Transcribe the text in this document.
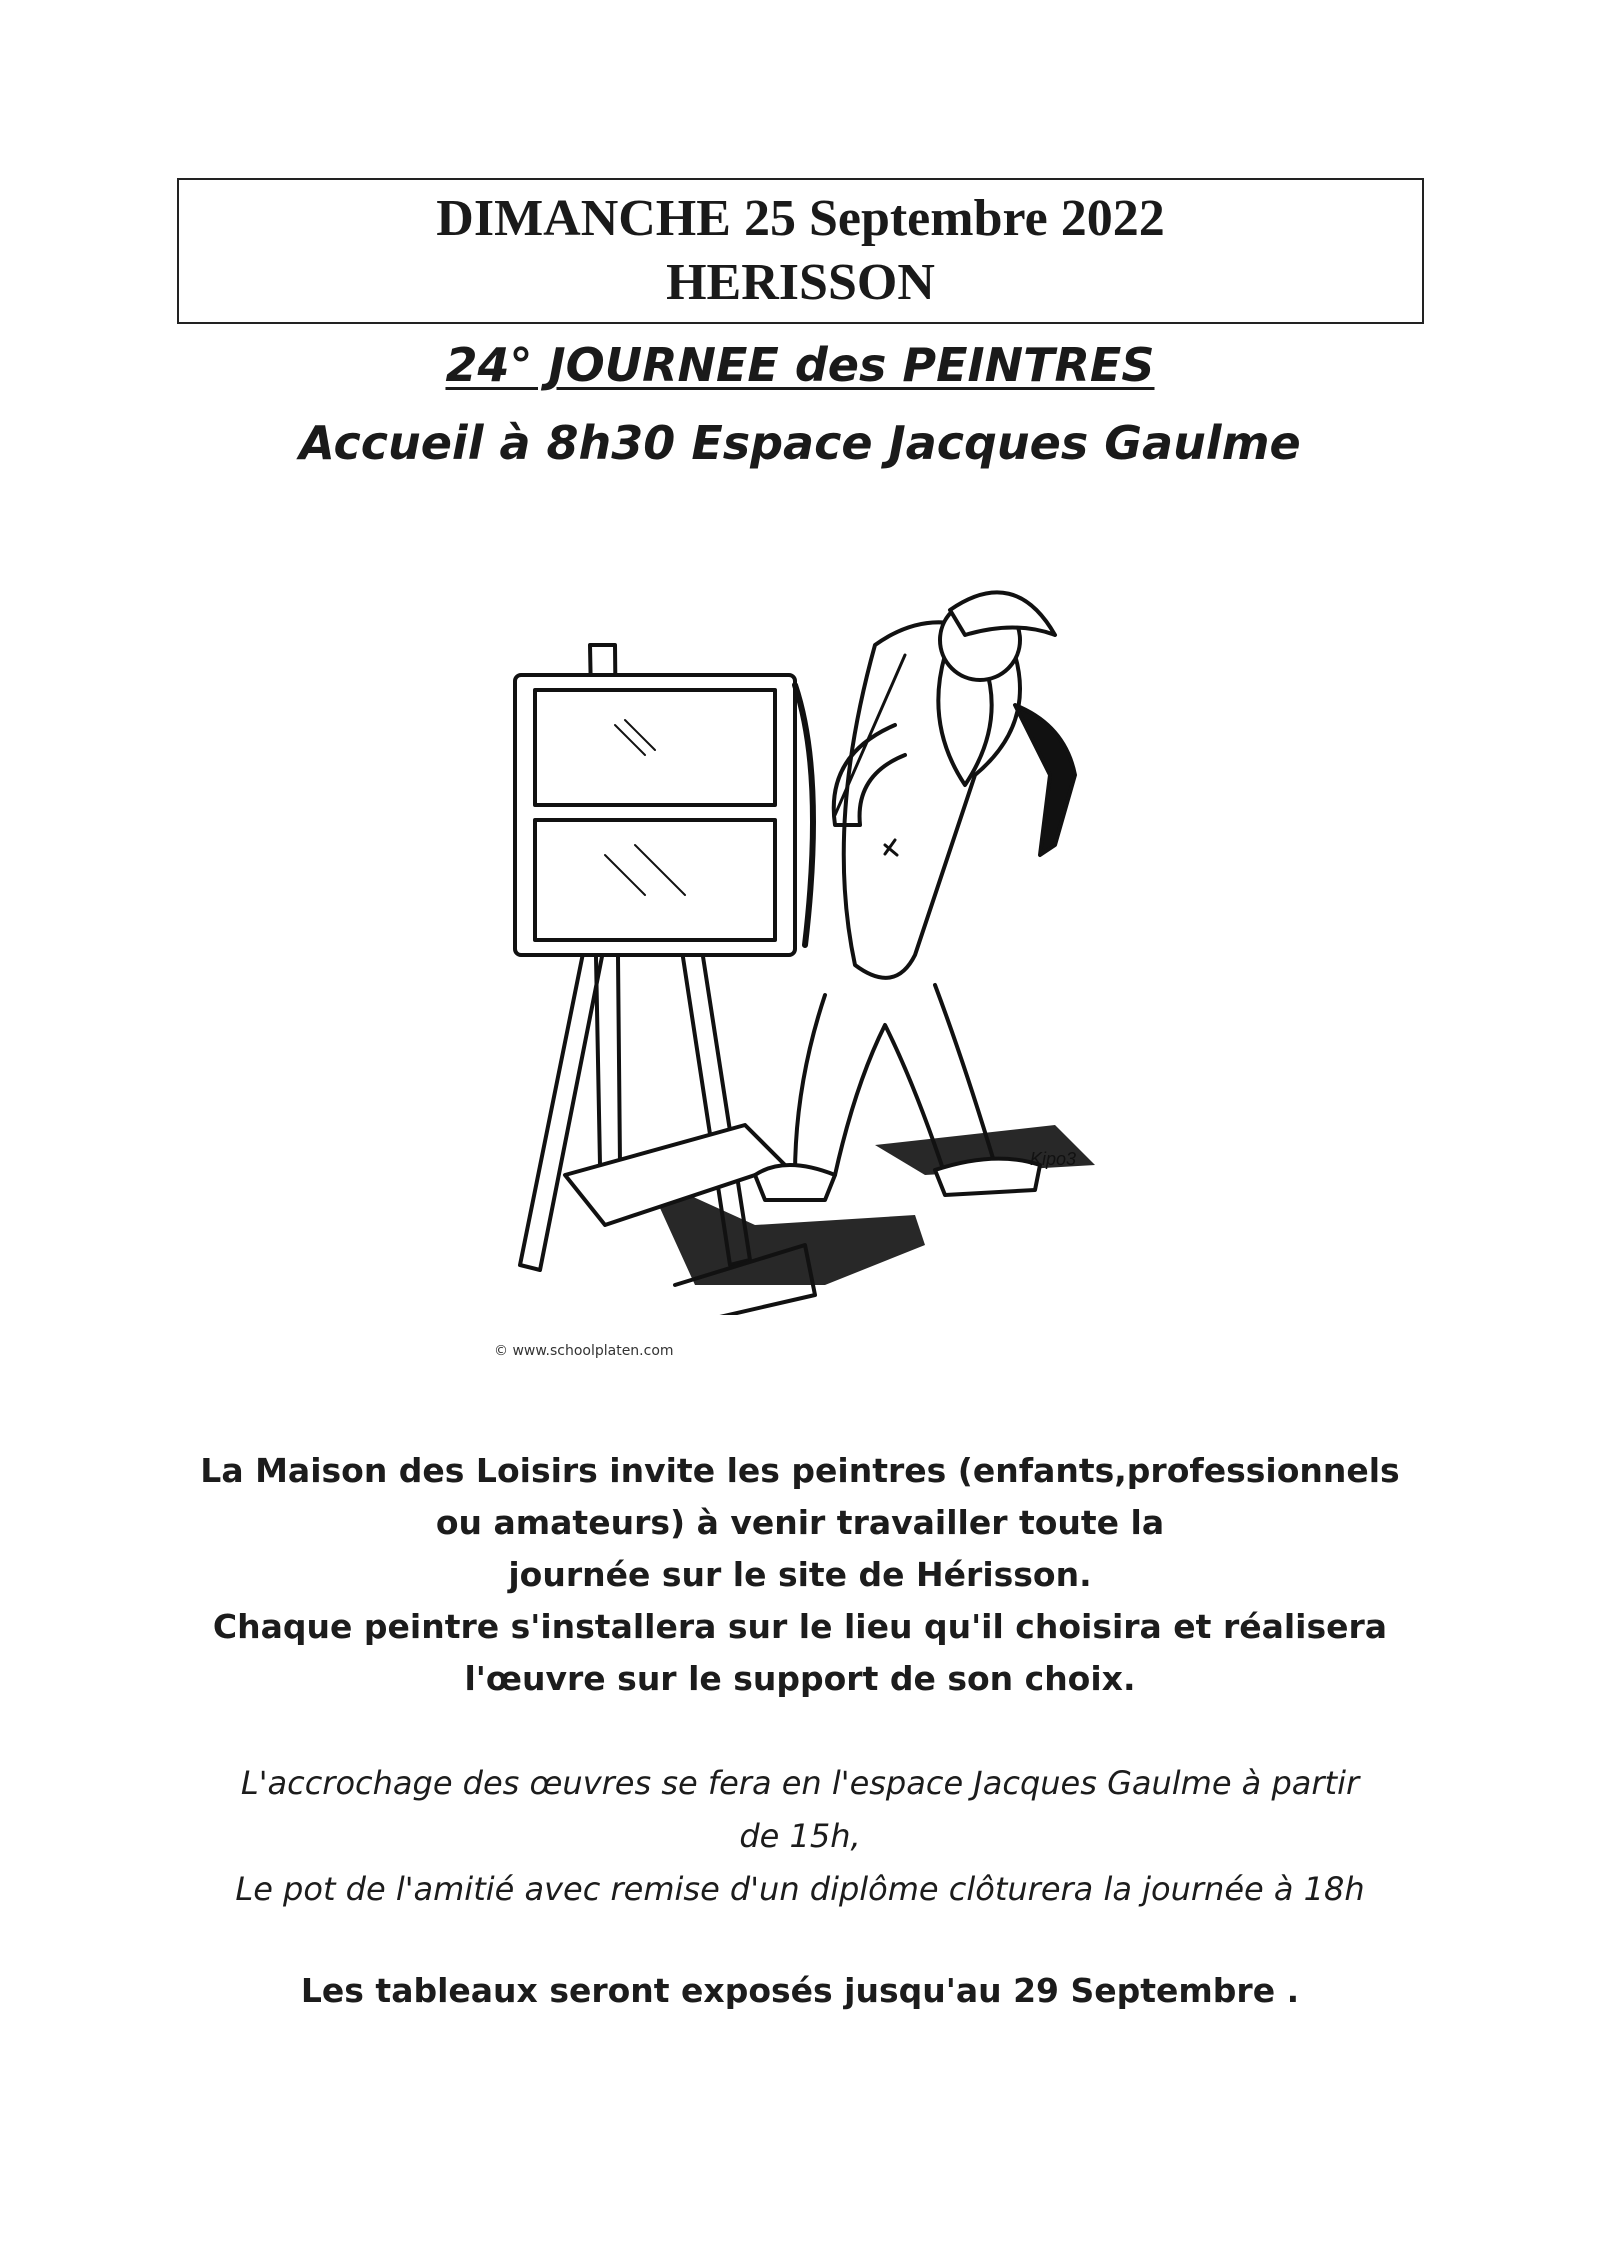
DIMANCHE 25 Septembre 2022
HERISSON
24° JOURNEE des PEINTRES
Accueil à 8h30 Espace Jacques Gaulme
Kipo3
© www.schoolplaten.com
La Maison des Loisirs invite les peintres (enfants,professionnels
ou amateurs) à venir travailler toute la
journée sur le site de Hérisson.
Chaque peintre s'installera sur le lieu qu'il choisira et réalisera
l'œuvre sur le support de son choix.
L'accrochage des œuvres se fera en l'espace Jacques Gaulme à partir
de 15h,
Le pot de l'amitié avec remise d'un diplôme clôturera la journée à 18h
Les tableaux seront exposés jusqu'au 29 Septembre .
